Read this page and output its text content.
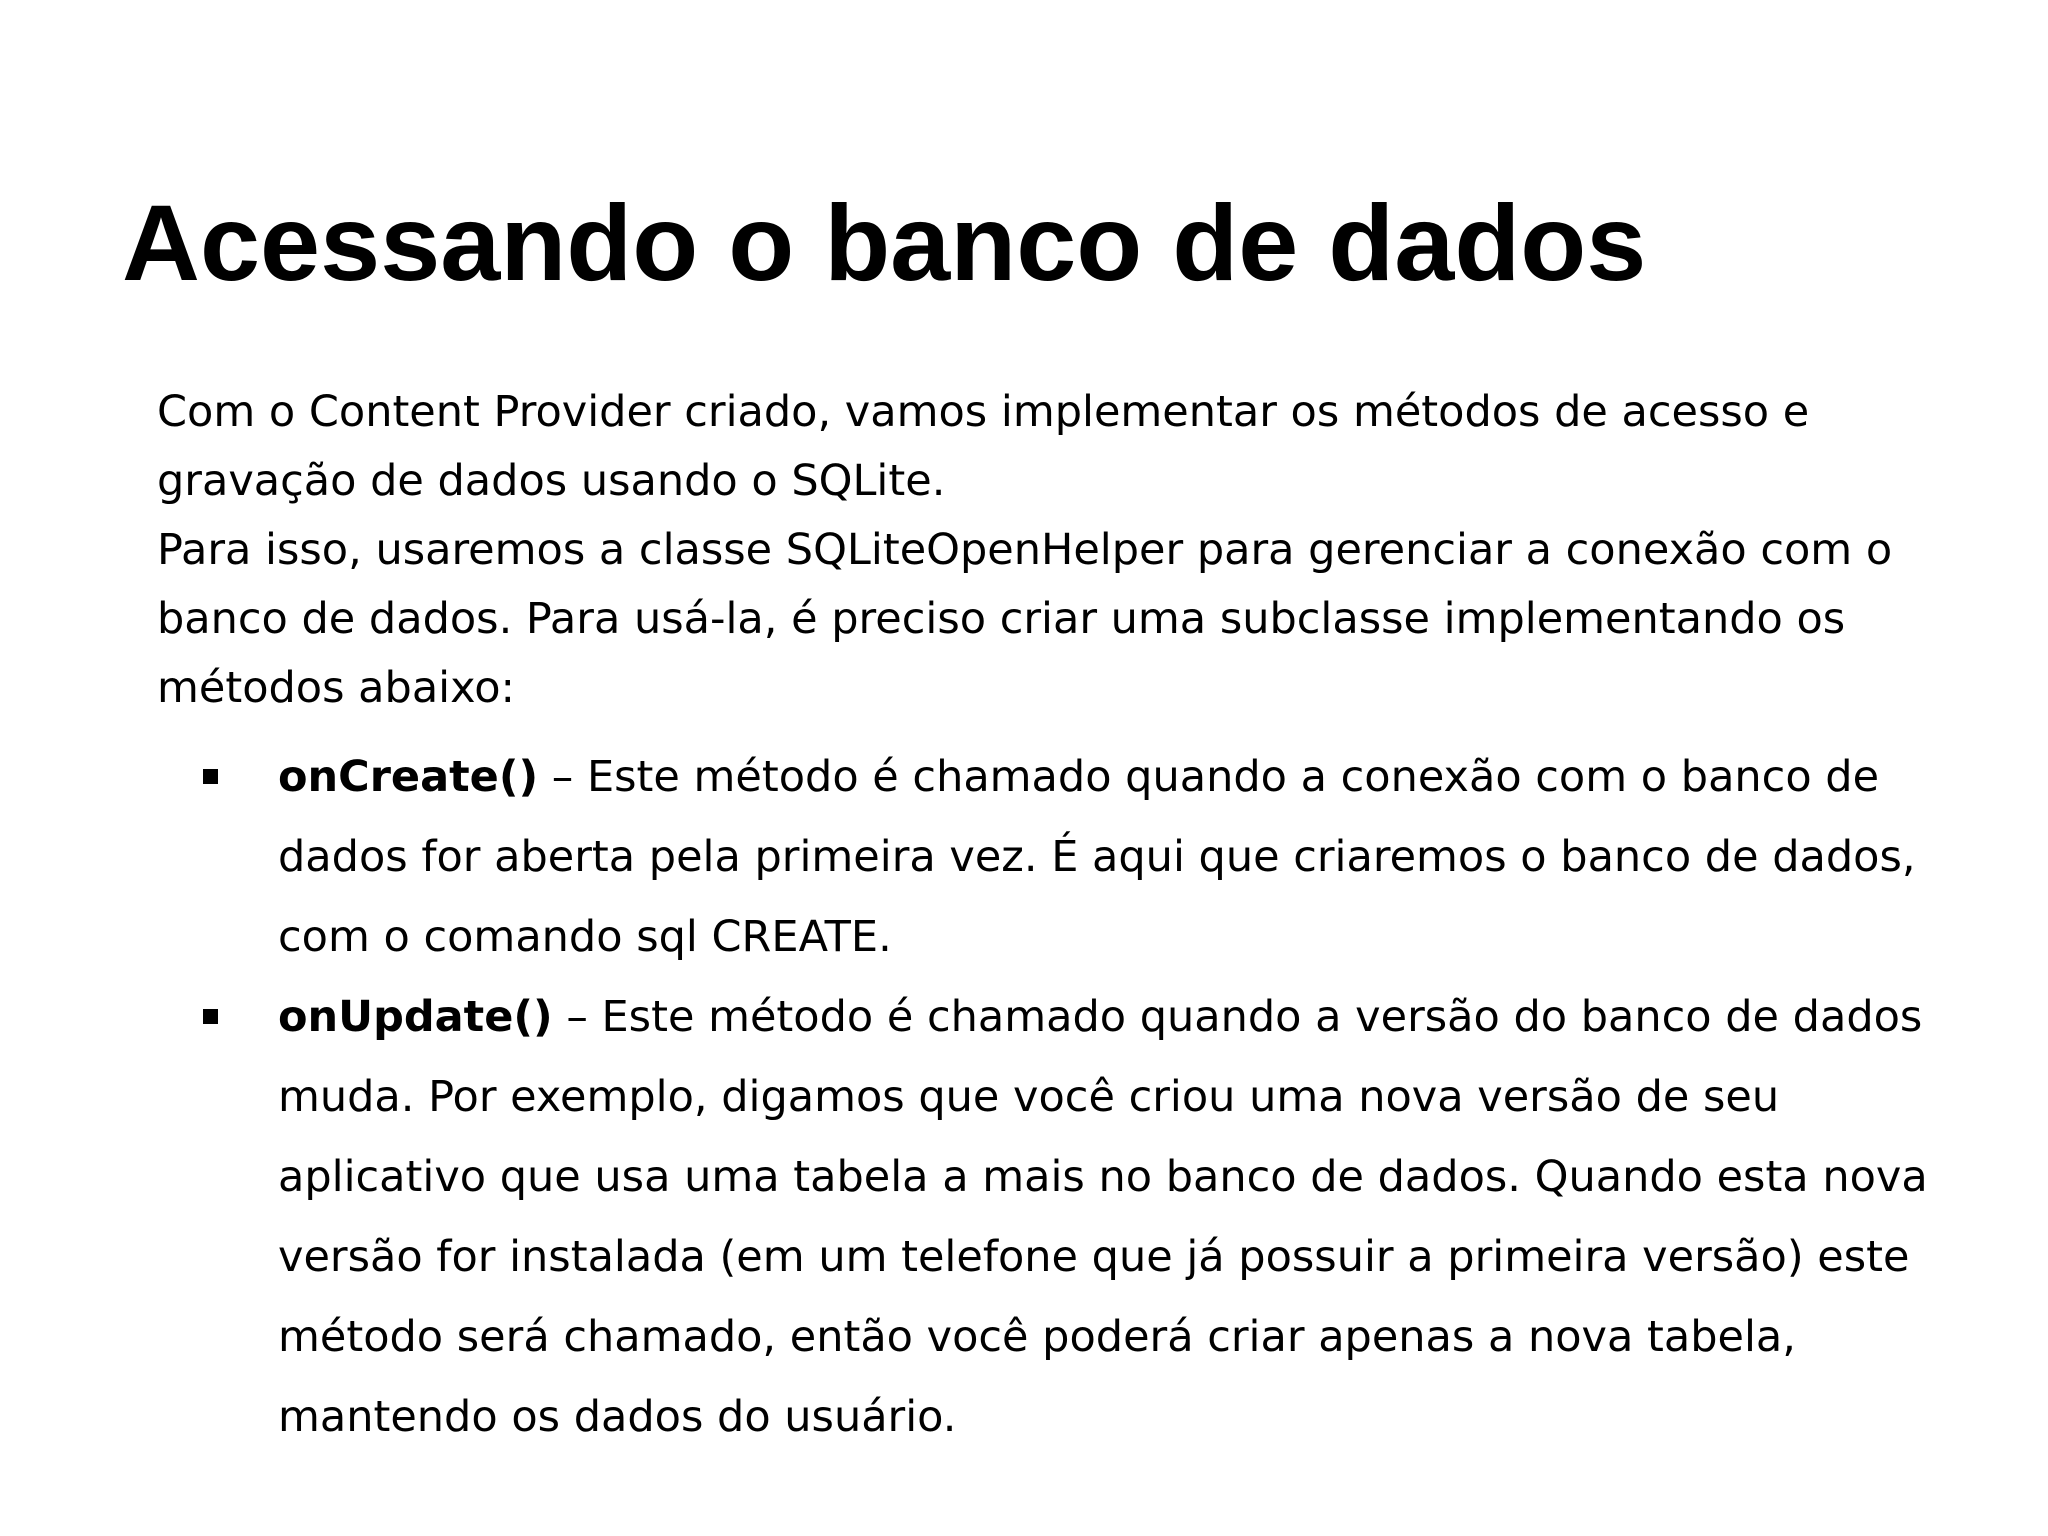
Acessando o banco de dados

Com o Content Provider criado, vamos implementar os métodos de acesso e gravação de dados usando o SQLite.

Para isso, usaremos a classe SQLiteOpenHelper para gerenciar a conexão com o banco de dados. Para usá-la, é preciso criar uma subclasse implementando os métodos abaixo:

onCreate() – Este método é chamado quando a conexão com o banco de dados for aberta pela primeira vez. É aqui que criaremos o banco de dados, com o comando sql CREATE.
onUpdate() – Este método é chamado quando a versão do banco de dados muda. Por exemplo, digamos que você criou uma nova versão de seu aplicativo que usa uma tabela a mais no banco de dados. Quando esta nova versão for instalada (em um telefone que já possuir a primeira versão) este método será chamado, então você poderá criar apenas a nova tabela, mantendo os dados do usuário.
